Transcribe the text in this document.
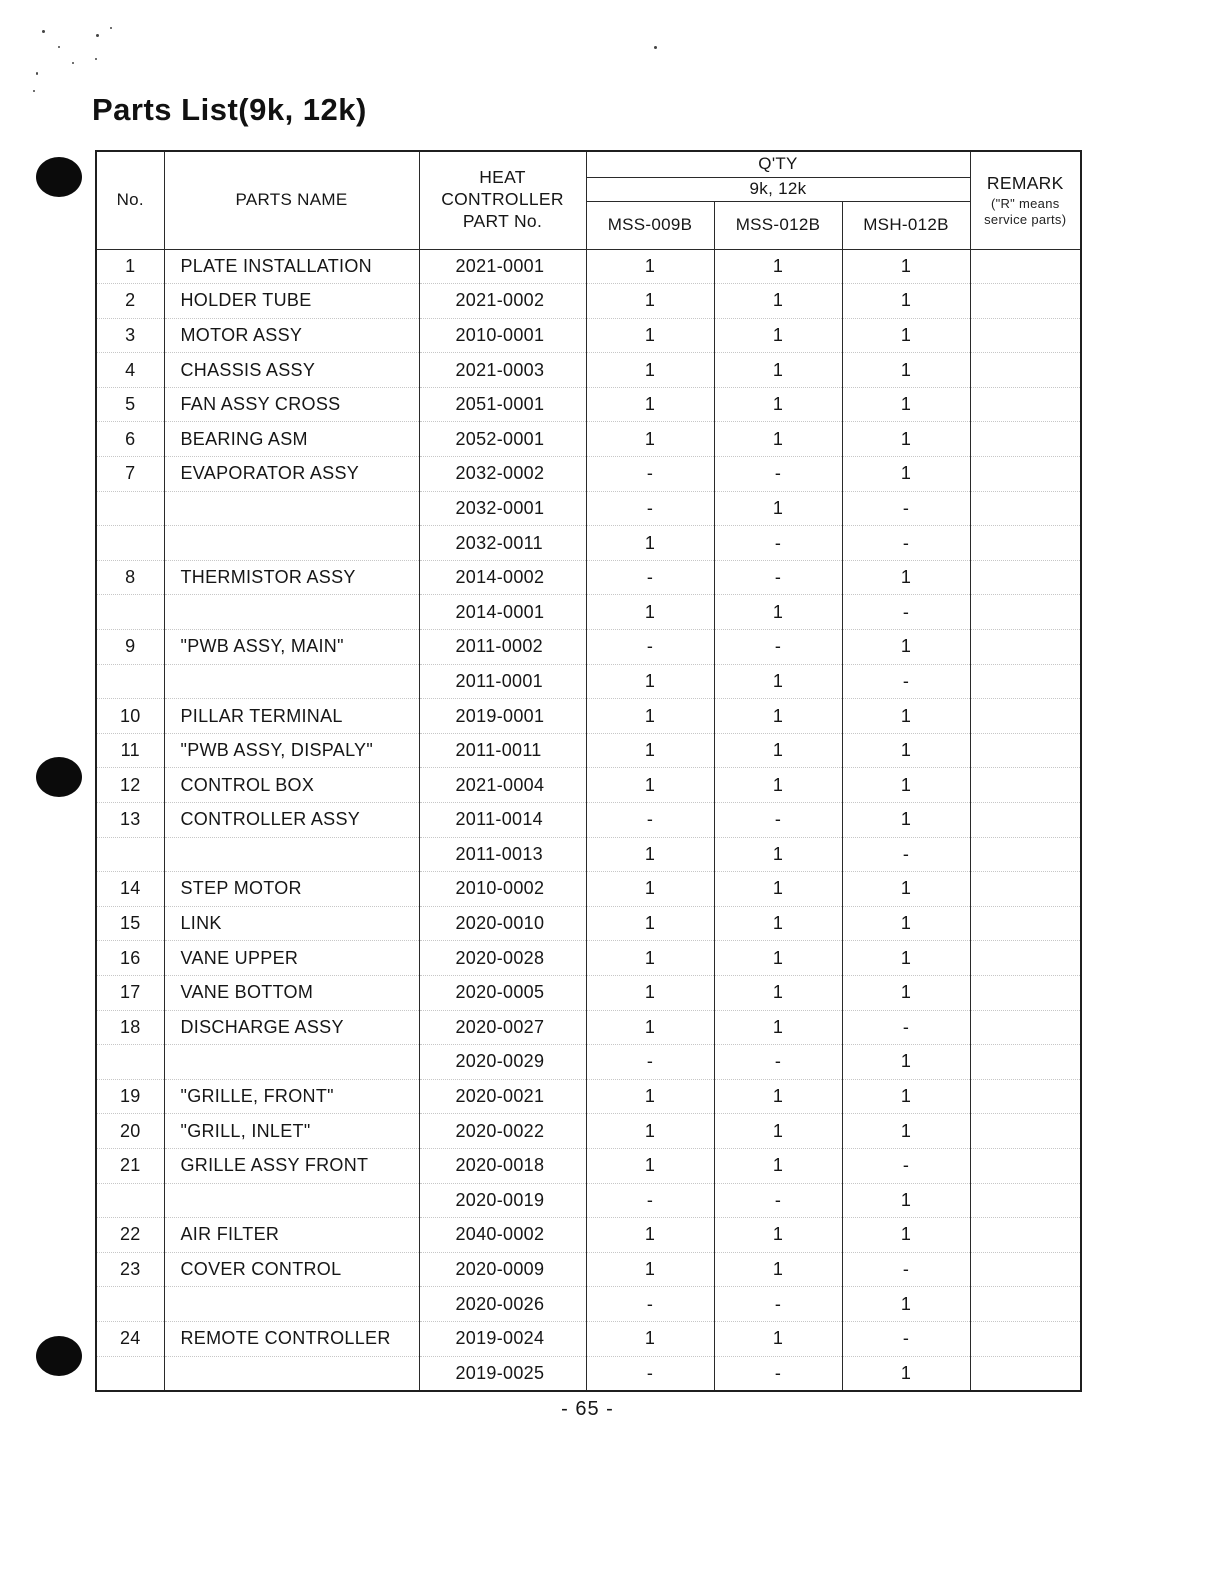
Parts List(9k, 12k)
No.	PARTS NAME	HEAT CONTROLLER PART No.	Q'TY			REMARK
("R" means
service parts)

			9k, 12k			
			MSS-009B	MSS-012B	MSH-012B	
1	PLATE INSTALLATION	2021-0001	1	1	1	
2	HOLDER TUBE	2021-0002	1	1	1	
3	MOTOR ASSY	2010-0001	1	1	1	
4	CHASSIS ASSY	2021-0003	1	1	1	
5	FAN ASSY CROSS	2051-0001	1	1	1	
6	BEARING ASM	2052-0001	1	1	1	
7	EVAPORATOR ASSY	2032-0002	-	-	1	
		2032-0001	-	1	-	
		2032-0011	1	-	-	
8	THERMISTOR ASSY	2014-0002	-	-	1	
		2014-0001	1	1	-	
9	"PWB ASSY, MAIN"	2011-0002	-	-	1	
		2011-0001	1	1	-	
10	PILLAR TERMINAL	2019-0001	1	1	1	
11	"PWB ASSY, DISPALY"	2011-0011	1	1	1	
12	CONTROL BOX	2021-0004	1	1	1	
13	CONTROLLER ASSY	2011-0014	-	-	1	
		2011-0013	1	1	-	
14	STEP MOTOR	2010-0002	1	1	1	
15	LINK	2020-0010	1	1	1	
16	VANE UPPER	2020-0028	1	1	1	
17	VANE BOTTOM	2020-0005	1	1	1	
18	DISCHARGE ASSY	2020-0027	1	1	-	
		2020-0029	-	-	1	
19	"GRILLE, FRONT"	2020-0021	1	1	1	
20	"GRILL, INLET"	2020-0022	1	1	1	
21	GRILLE ASSY FRONT	2020-0018	1	1	-	
		2020-0019	-	-	1	
22	AIR FILTER	2040-0002	1	1	1	
23	COVER CONTROL	2020-0009	1	1	-	
		2020-0026	-	-	1	
24	REMOTE CONTROLLER	2019-0024	1	1	-	
		2019-0025	-	-	1	
- 65 -
